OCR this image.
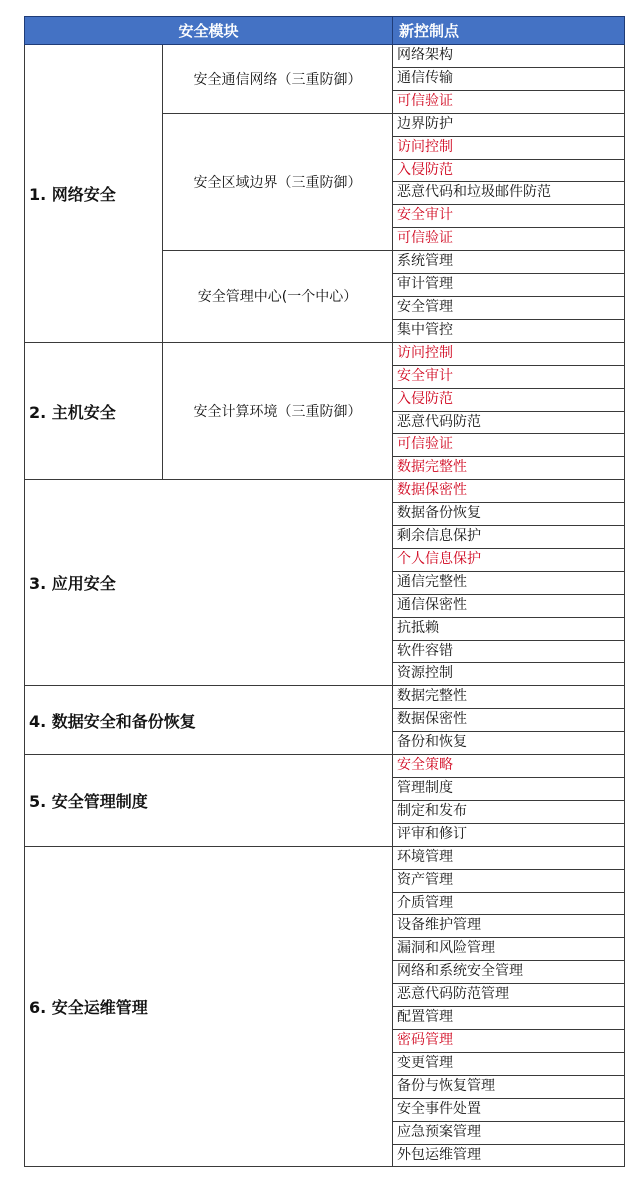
安全模块		新控制点
1. 网络安全	安全通信网络（三重防御）	网络架构
		通信传输
		可信验证
	安全区域边界（三重防御）	边界防护
		访问控制
		入侵防范
		恶意代码和垃圾邮件防范
		安全审计
		可信验证
	安全管理中心(一个中心）	系统管理
		审计管理
		安全管理
		集中管控
2. 主机安全	安全计算环境（三重防御）	访问控制
		安全审计
		入侵防范
		恶意代码防范
		可信验证
		数据完整性
3. 应用安全		数据保密性
		数据备份恢复
		剩余信息保护
		个人信息保护
		通信完整性
		通信保密性
		抗抵赖
		软件容错
		资源控制
4. 数据安全和备份恢复		数据完整性
		数据保密性
		备份和恢复
5. 安全管理制度		安全策略
		管理制度
		制定和发布
		评审和修订
6. 安全运维管理		环境管理
		资产管理
		介质管理
		设备维护管理
		漏洞和风险管理
		网络和系统安全管理
		恶意代码防范管理
		配置管理
		密码管理
		变更管理
		备份与恢复管理
		安全事件处置
		应急预案管理
		外包运维管理
